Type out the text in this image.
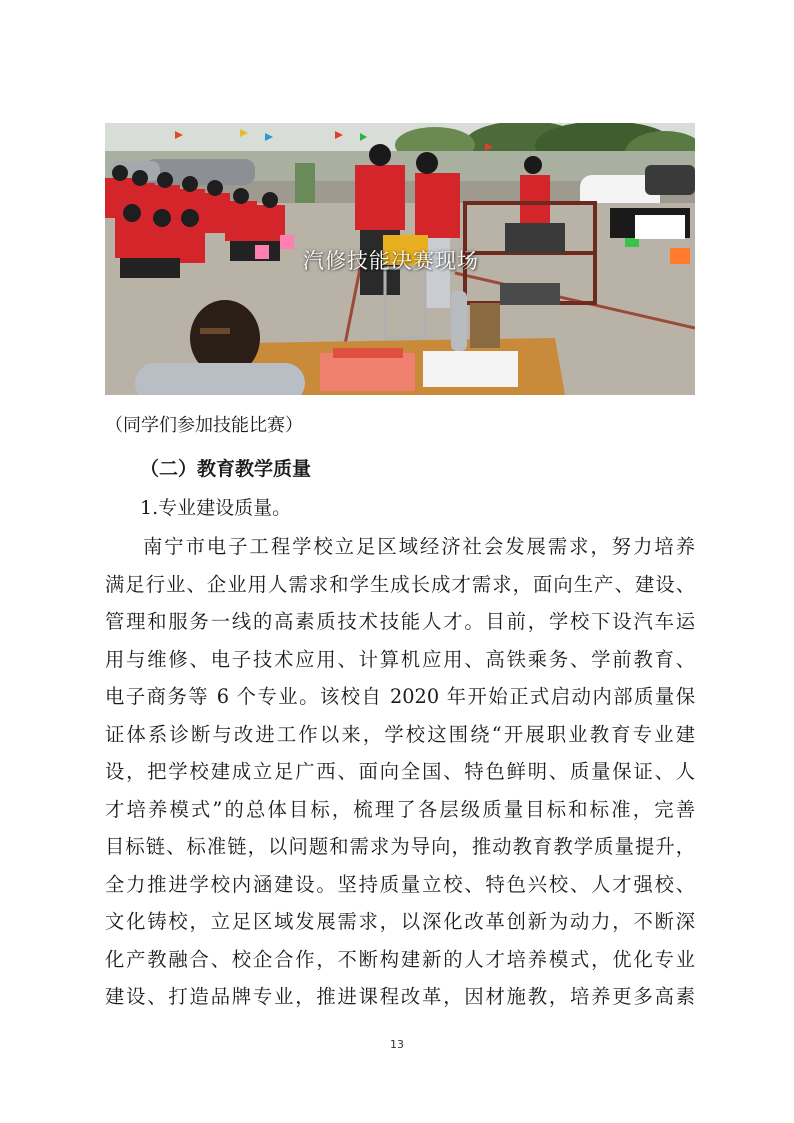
汽修技能决赛现场
（同学们参加技能比赛）
（二）教育教学质量
1.专业建设质量。
南宁市电子工程学校立足区域经济社会发展需求，努力培养
满足行业、企业用人需求和学生成长成才需求，面向生产、建设、
管理和服务一线的高素质技术技能人才。目前，学校下设汽车运
用与维修、电子技术应用、计算机应用、高铁乘务、学前教育、
电子商务等 6 个专业。该校自 2020 年开始正式启动内部质量保
证体系诊断与改进工作以来，学校这围绕“开展职业教育专业建
设，把学校建成立足广西、面向全国、特色鲜明、质量保证、人
才培养模式”的总体目标，梳理了各层级质量目标和标准，完善
目标链、标准链，以问题和需求为导向，推动教育教学质量提升，
全力推进学校内涵建设。坚持质量立校、特色兴校、人才强校、
文化铸校，立足区域发展需求，以深化改革创新为动力，不断深
化产教融合、校企合作，不断构建新的人才培养模式，优化专业
建设、打造品牌专业，推进课程改革，因材施教，培养更多高素
13
